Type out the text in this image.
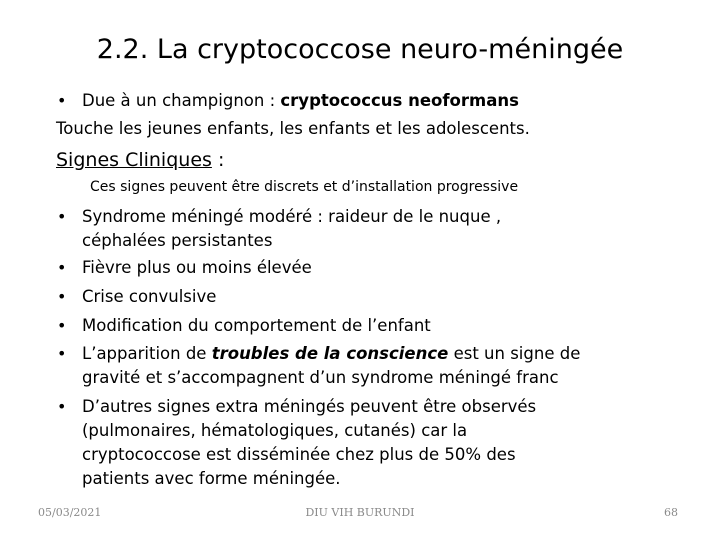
2.2. La cryptococcose neuro-méningée
• Due à un champignon : cryptococcus neoformans
Touche les jeunes enfants, les enfants et les adolescents.
Signes Cliniques :
Ces signes peuvent être discrets et d’installation progressive
• Syndrome méningé modéré : raideur de le nuque ,
céphalées persistantes
• Fièvre plus ou moins élevée
• Crise convulsive
• Modification du comportement de l’enfant
• L’apparition de troubles de la conscience est un signe de
gravité et s’accompagnent d’un syndrome méningé franc
• D’autres signes extra méningés peuvent être observés
(pulmonaires, hématologiques, cutanés) car la
cryptococcose est disséminée chez plus de 50% des
patients avec forme méningée.
05/03/2021	DIU VIH BURUNDI	68
